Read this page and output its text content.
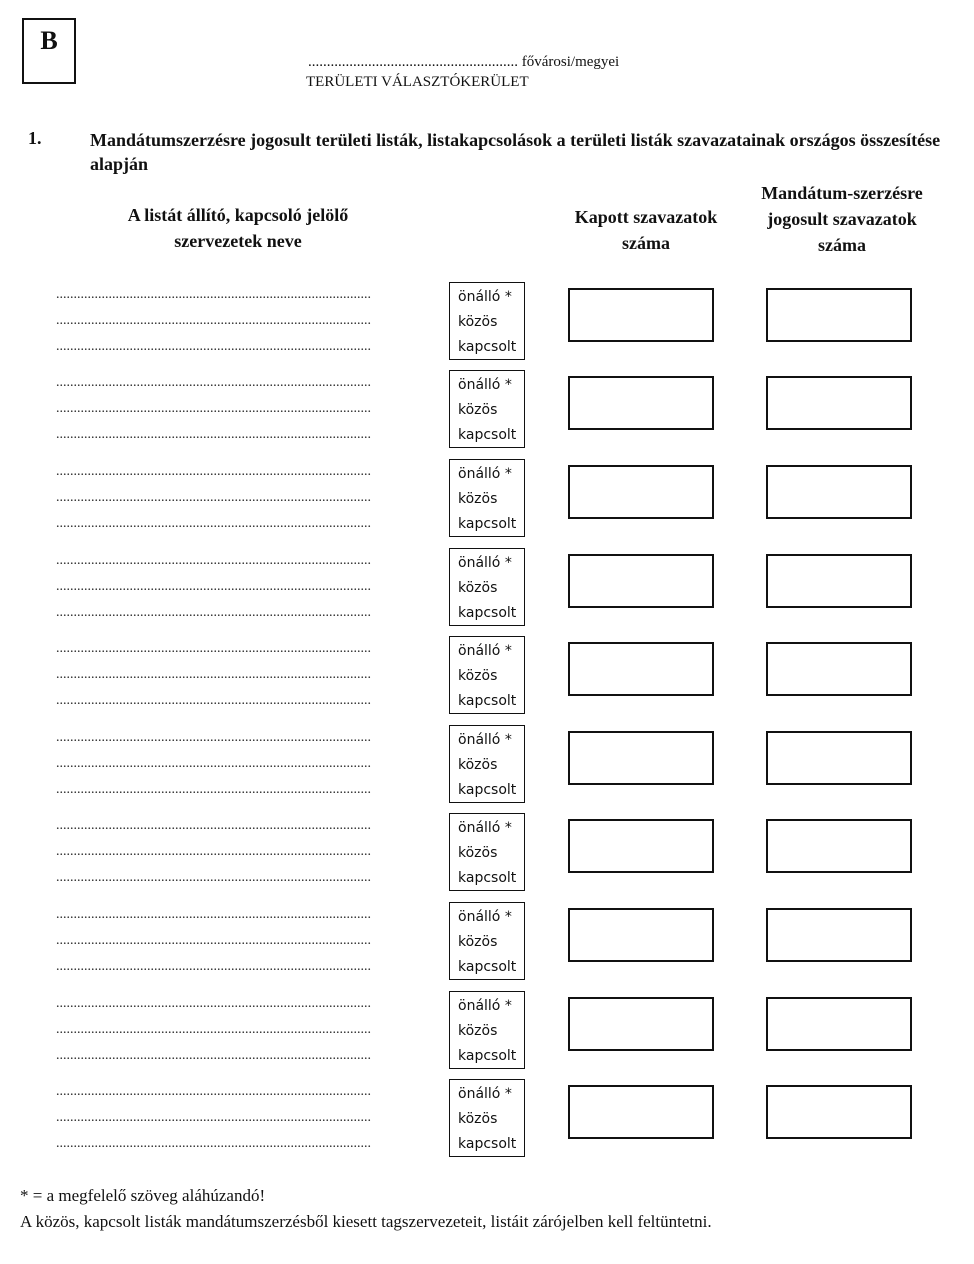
B
........................................................ fővárosi/megyei
TERÜLETI VÁLASZTÓKERÜLET
1.	Mandátumszerzésre jogosult területi listák, listakapcsolások a területi listák szavazatainak országos összesítése alapján
A listát állító, kapcsoló jelölő szervezetek neve
Kapott szavazatok száma
Mandátum-szerzésre jogosult szavazatok száma
..........................................................................................
..........................................................................................
..........................................................................................
önálló *
közös
kapcsolt
..........................................................................................
..........................................................................................
..........................................................................................
önálló *
közös
kapcsolt
..........................................................................................
..........................................................................................
..........................................................................................
önálló *
közös
kapcsolt
..........................................................................................
..........................................................................................
..........................................................................................
önálló *
közös
kapcsolt
..........................................................................................
..........................................................................................
..........................................................................................
önálló *
közös
kapcsolt
..........................................................................................
..........................................................................................
..........................................................................................
önálló *
közös
kapcsolt
..........................................................................................
..........................................................................................
..........................................................................................
önálló *
közös
kapcsolt
..........................................................................................
..........................................................................................
..........................................................................................
önálló *
közös
kapcsolt
..........................................................................................
..........................................................................................
..........................................................................................
önálló *
közös
kapcsolt
..........................................................................................
..........................................................................................
..........................................................................................
önálló *
közös
kapcsolt
* = a megfelelő szöveg aláhúzandó!
A közös, kapcsolt listák mandátumszerzésből kiesett tagszervezeteit, listáit zárójelben kell feltüntetni.
